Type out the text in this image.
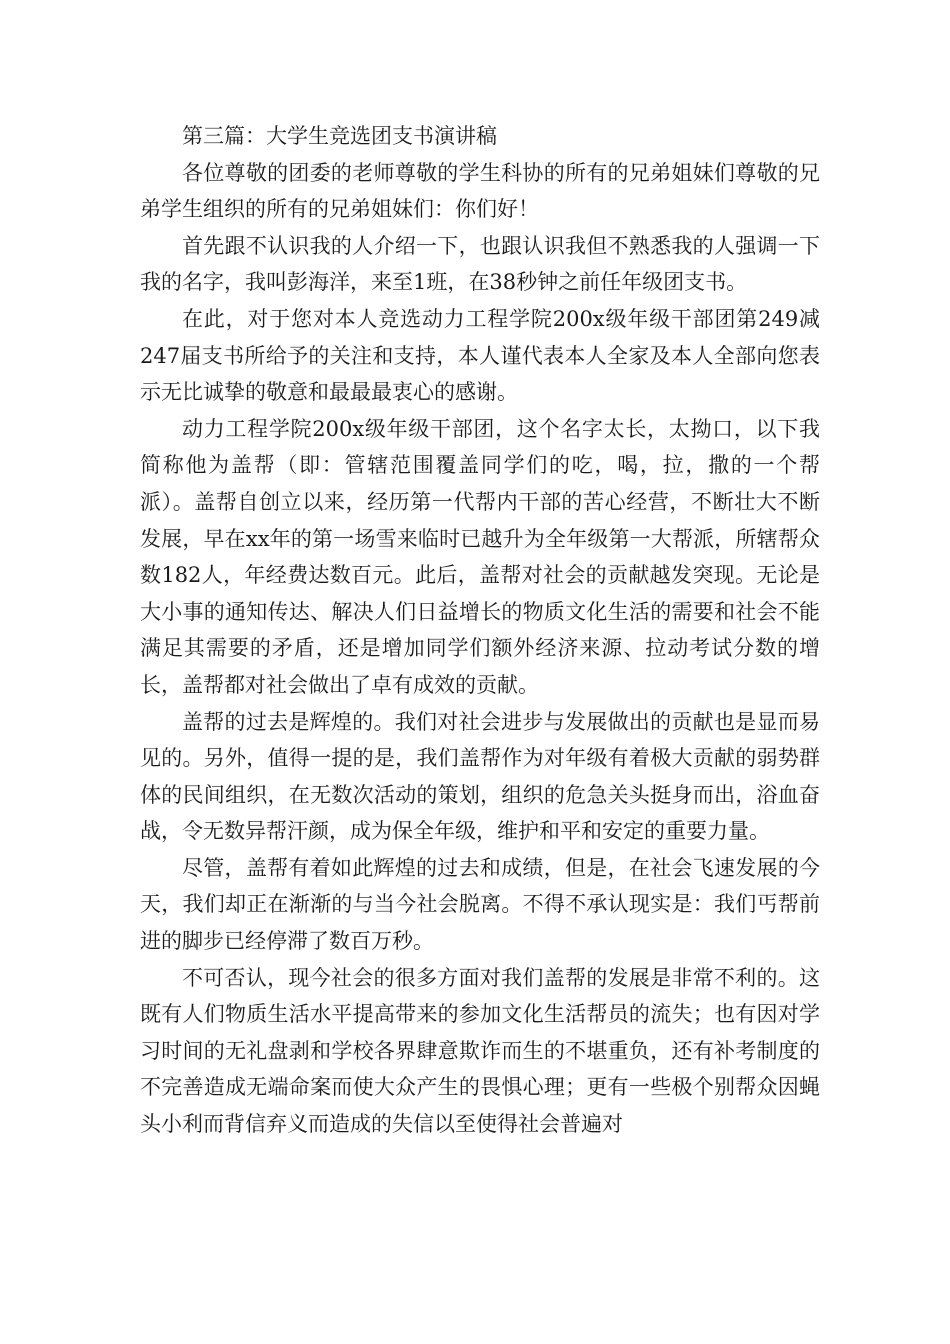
第三篇：大学生竞选团支书演讲稿

各位尊敬的团委的老师尊敬的学生科协的所有的兄弟姐妹们尊敬的兄弟学生组织的所有的兄弟姐妹们：你们好！

首先跟不认识我的人介绍一下，也跟认识我但不熟悉我的人强调一下我的名字，我叫彭海洋，来至1班，在38秒钟之前任年级团支书。

在此，对于您对本人竞选动力工程学院200x级年级干部团第249减247届支书所给予的关注和支持，本人谨代表本人全家及本人全部向您表示无比诚挚的敬意和最最最衷心的感谢。

动力工程学院200x级年级干部团，这个名字太长，太拗口，以下我简称他为盖帮（即：管辖范围覆盖同学们的吃，喝，拉，撒的一个帮派）。盖帮自创立以来，经历第一代帮内干部的苦心经营，不断壮大不断发展，早在xx年的第一场雪来临时已越升为全年级第一大帮派，所辖帮众数182人，年经费达数百元。此后，盖帮对社会的贡献越发突现。无论是大小事的通知传达、解决人们日益增长的物质文化生活的需要和社会不能满足其需要的矛盾，还是增加同学们额外经济来源、拉动考试分数的增长，盖帮都对社会做出了卓有成效的贡献。

盖帮的过去是辉煌的。我们对社会进步与发展做出的贡献也是显而易见的。另外，值得一提的是，我们盖帮作为对年级有着极大贡献的弱势群体的民间组织，在无数次活动的策划，组织的危急关头挺身而出，浴血奋战，令无数异帮汗颜，成为保全年级，维护和平和安定的重要力量。

尽管，盖帮有着如此辉煌的过去和成绩，但是，在社会飞速发展的今天，我们却正在渐渐的与当今社会脱离。不得不承认现实是：我们丐帮前进的脚步已经停滞了数百万秒。

不可否认，现今社会的很多方面对我们盖帮的发展是非常不利的。这既有人们物质生活水平提高带来的参加文化生活帮员的流失；也有因对学习时间的无礼盘剥和学校各界肆意欺诈而生的不堪重负，还有补考制度的不完善造成无端命案而使大众产生的畏惧心理；更有一些极个别帮众因蝇头小利而背信弃义而造成的失信以至使得社会普遍对
